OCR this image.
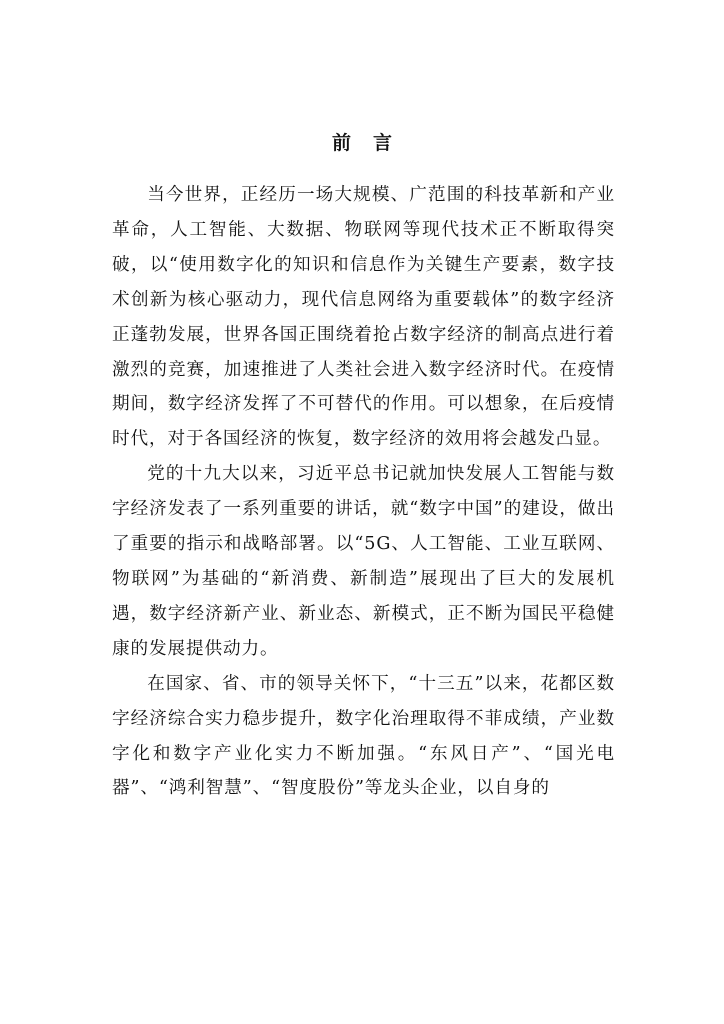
前言

当今世界，正经历一场大规模、广范围的科技革新和产业革命，人工智能、大数据、物联网等现代技术正不断取得突破，以“使用数字化的知识和信息作为关键生产要素，数字技术创新为核心驱动力，现代信息网络为重要载体”的数字经济正蓬勃发展，世界各国正围绕着抢占数字经济的制高点进行着激烈的竞赛，加速推进了人类社会进入数字经济时代。在疫情期间，数字经济发挥了不可替代的作用。可以想象，在后疫情时代，对于各国经济的恢复，数字经济的效用将会越发凸显。

党的十九大以来，习近平总书记就加快发展人工智能与数字经济发表了一系列重要的讲话，就“数字中国”的建设，做出了重要的指示和战略部署。以“5G、人工智能、工业互联网、物联网”为基础的“新消费、新制造”展现出了巨大的发展机遇，数字经济新产业、新业态、新模式，正不断为国民平稳健康的发展提供动力。

在国家、省、市的领导关怀下，“十三五”以来，花都区数字经济综合实力稳步提升，数字化治理取得不菲成绩，产业数字化和数字产业化实力不断加强。“东风日产”、“国光电器”、“鸿利智慧”、“智度股份”等龙头企业，以自身的
